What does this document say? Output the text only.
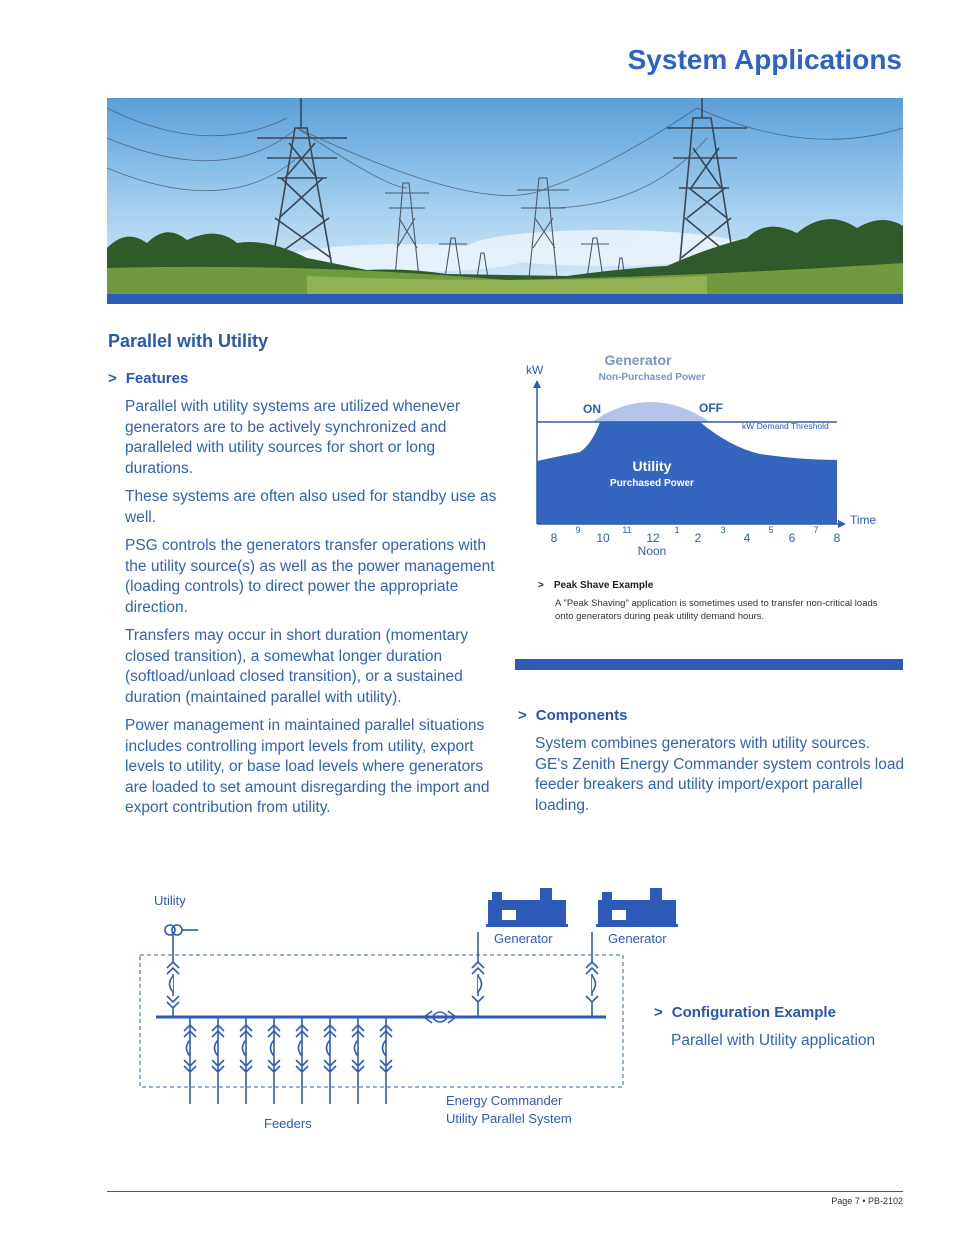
System Applications
Parallel with Utility
> Features

Parallel with utility systems are utilized whenever generators are to be actively synchronized and paralleled with utility sources for short or long durations.

These systems are often also used for standby use as well.

PSG controls the generators transfer operations with the utility source(s) as well as the power management (loading controls) to direct power the appropriate direction.

Transfers may occur in short duration (momentary closed transition), a somewhat longer duration (softload/unload closed transition), or a sustained duration (maintained parallel with utility).

Power management in maintained parallel situations includes controlling import levels from utility, export levels to utility, or base load levels where generators are loaded to set amount disregarding the import and export contribution from utility.

kW
Time
Generator
Non-Purchased Power
ON	OFF
kW Demand Threshold
Utility
Purchased Power
8	10	12	2	4	6	8
9	11	1	3	5	7
Noon
> Peak Shave Example
A "Peak Shaving" application is sometimes used to transfer non-critical loads onto generators during peak utility demand hours.
> Components
System combines generators with utility sources. GE's Zenith Energy Commander system controls load feeder breakers and utility import/export parallel loading.
Utility
Generator	Generator
Feeders
Energy Commander
Utility Parallel System
> Configuration Example
Parallel with Utility application
Page 7 • PB-2102
